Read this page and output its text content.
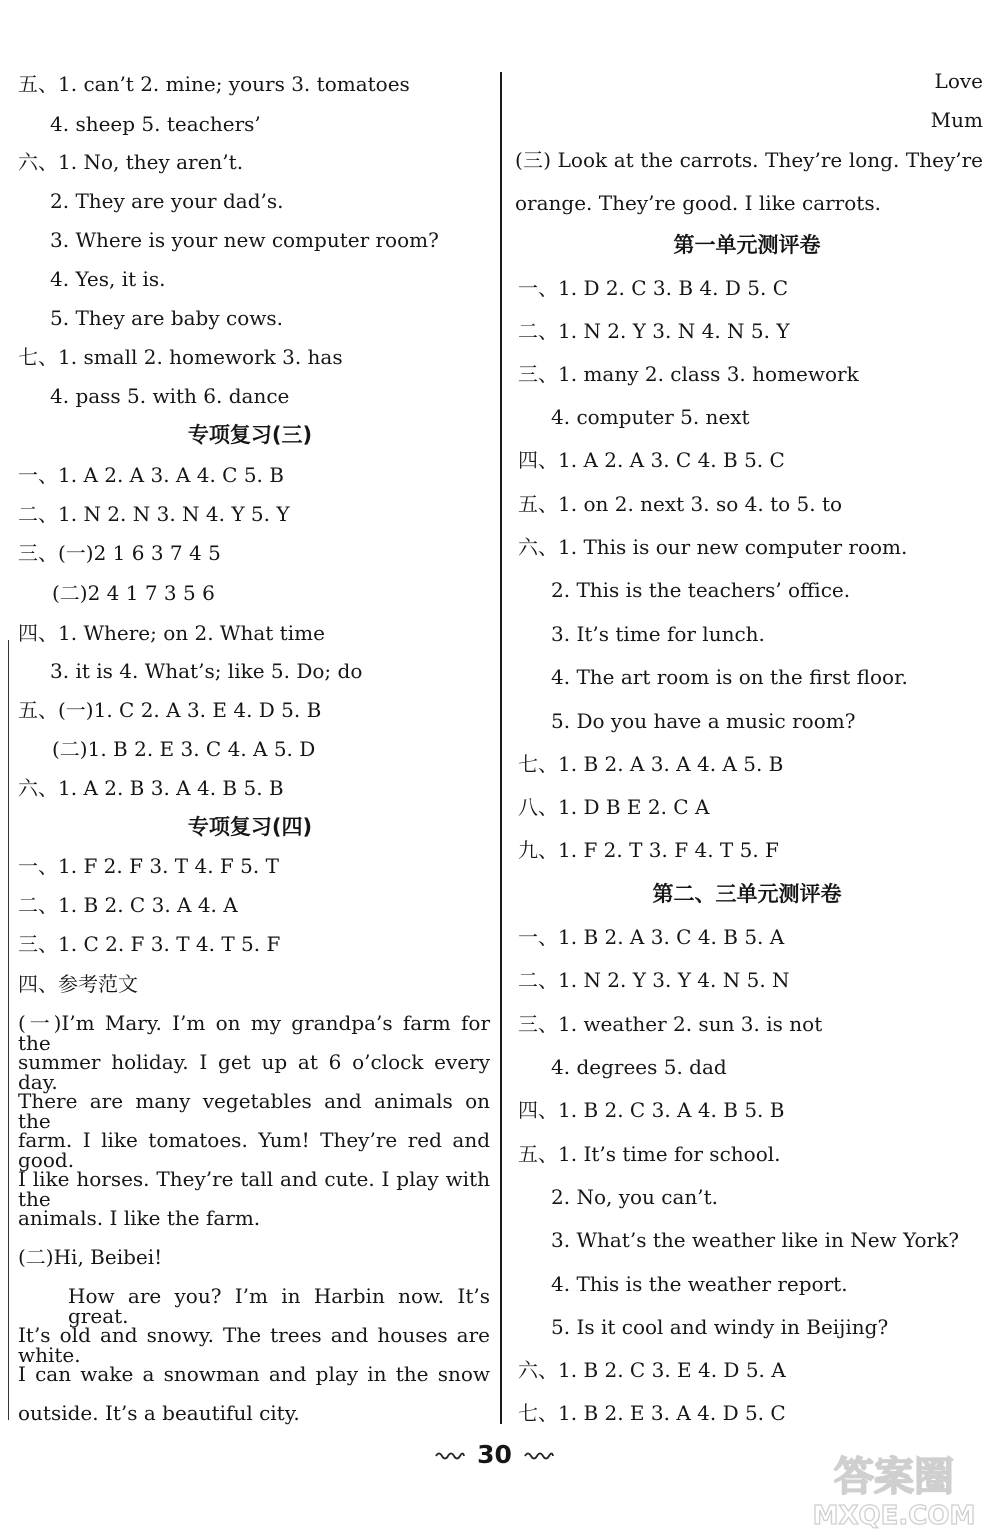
五、1. can’t 2. mine; yours 3. tomatoes
4. sheep 5. teachers’
六、1. No, they aren’t.
2. They are your dad’s.
3. Where is your new computer room?
4. Yes, it is.
5. They are baby cows.
七、1. small 2. homework 3. has
4. pass 5. with 6. dance
专项复习(三)
一、1. A 2. A 3. A 4. C 5. B
二、1. N 2. N 3. N 4. Y 5. Y
三、(一)2 1 6 3 7 4 5
(二)2 4 1 7 3 5 6
四、1. Where; on 2. What time
3. it is 4. What’s; like 5. Do; do
五、(一)1. C 2. A 3. E 4. D 5. B
(二)1. B 2. E 3. C 4. A 5. D
六、1. A 2. B 3. A 4. B 5. B
专项复习(四)
一、1. F 2. F 3. T 4. F 5. T
二、1. B 2. C 3. A 4. A
三、1. C 2. F 3. T 4. T 5. F
四、参考范文
(一)I’m Mary. I’m on my grandpa’s farm for the
summer holiday. I get up at 6 o’clock every day.
There are many vegetables and animals on the
farm. I like tomatoes. Yum! They’re red and good.
I like horses. They’re tall and cute. I play with the
animals. I like the farm.
(二)Hi, Beibei!
How are you? I’m in Harbin now. It’s great.
It’s old and snowy. The trees and houses are white.
I can wake a snowman and play in the snow
outside. It’s a beautiful city.
Love
Mum
(三) Look at the carrots. They’re long. They’re
orange. They’re good. I like carrots.
第一单元测评卷
一、1. D 2. C 3. B 4. D 5. C
二、1. N 2. Y 3. N 4. N 5. Y
三、1. many 2. class 3. homework
4. computer 5. next
四、1. A 2. A 3. C 4. B 5. C
五、1. on 2. next 3. so 4. to 5. to
六、1. This is our new computer room.
2. This is the teachers’ office.
3. It’s time for lunch.
4. The art room is on the first floor.
5. Do you have a music room?
七、1. B 2. A 3. A 4. A 5. B
八、1. D B E 2. C A
九、1. F 2. T 3. F 4. T 5. F
第二、三单元测评卷
一、1. B 2. A 3. C 4. B 5. A
二、1. N 2. Y 3. Y 4. N 5. N
三、1. weather 2. sun 3. is not
4. degrees 5. dad
四、1. B 2. C 3. A 4. B 5. B
五、1. It’s time for school.
2. No, you can’t.
3. What’s the weather like in New York?
4. This is the weather report.
5. Is it cool and windy in Beijing?
六、1. B 2. C 3. E 4. D 5. A
七、1. B 2. E 3. A 4. D 5. C
30	答案圈
MXQE.COM
